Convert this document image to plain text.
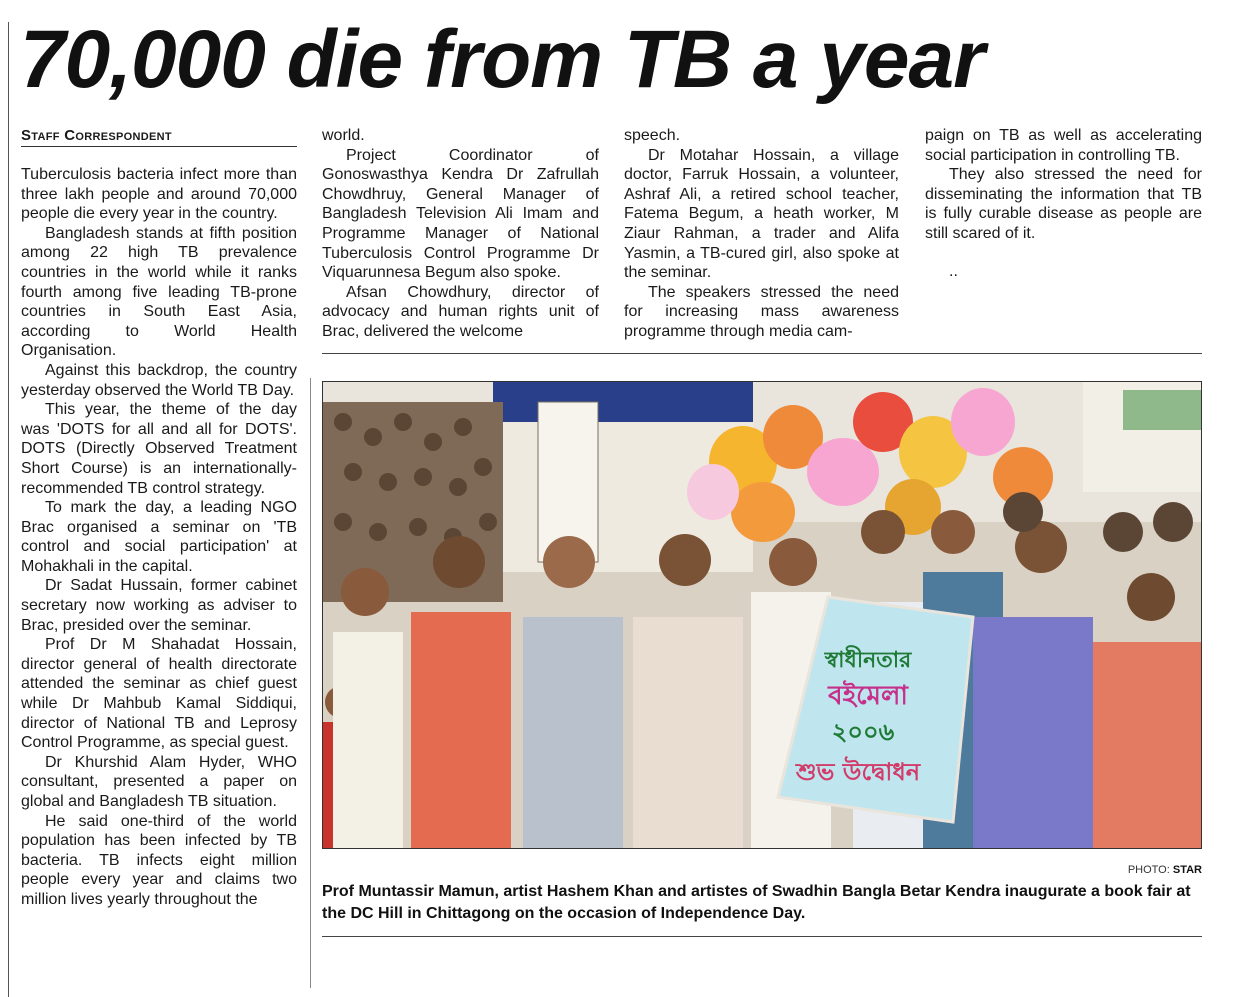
70,000 die from TB a year
Staff Correspondent

Tuberculosis bacteria infect more than three lakh people and around 70,000 people die every year in the country.

Bangladesh stands at fifth position among 22 high TB prevalence countries in the world while it ranks fourth among five leading TB-prone countries in South East Asia, according to World Health Organisation.

Against this backdrop, the country yesterday observed the World TB Day.

This year, the theme of the day was 'DOTS for all and all for DOTS'. DOTS (Directly Observed Treatment Short Course) is an internationally-recommended TB control strategy.

To mark the day, a leading NGO Brac organised a seminar on 'TB control and social participation' at Mohakhali in the capital.

Dr Sadat Hussain, former cabinet secretary now working as adviser to Brac, presided over the seminar.

Prof Dr M Shahadat Hossain, director general of health directorate attended the seminar as chief guest while Dr Mahbub Kamal Siddiqui, director of National TB and Leprosy Control Programme, as special guest.

Dr Khurshid Alam Hyder, WHO consultant, presented a paper on global and Bangladesh TB situation.

He said one-third of the world population has been infected by TB bacteria. TB infects eight million people every year and claims two million lives yearly throughout the

world.

Project Coordinator of Gonoswasthya Kendra Dr Zafrullah Chowdhruy, General Manager of Bangladesh Television Ali Imam and Programme Manager of National Tuberculosis Control Programme Dr Viquarunnesa Begum also spoke.

Afsan Chowdhury, director of advocacy and human rights unit of Brac, delivered the welcome

speech.

Dr Motahar Hossain, a village doctor, Farruk Hossain, a volunteer, Ashraf Ali, a retired school teacher, Fatema Begum, a heath worker, M Ziaur Rahman, a trader and Alifa Yasmin, a TB-cured girl, also spoke at the seminar.

The speakers stressed the need for increasing mass awareness programme through media cam-

paign on TB as well as accelerating social participation in controlling TB.

They also stressed the need for disseminating the information that TB is fully curable disease as people are still scared of it.

..

স্বাধীনতার
বইমেলা
২০০৬
শুভ উদ্বোধন
PHOTO: STAR

Prof Muntassir Mamun, artist Hashem Khan and artistes of Swadhin Bangla Betar Kendra inaugurate a book fair at the DC Hill in Chittagong on the occasion of Independence Day.
